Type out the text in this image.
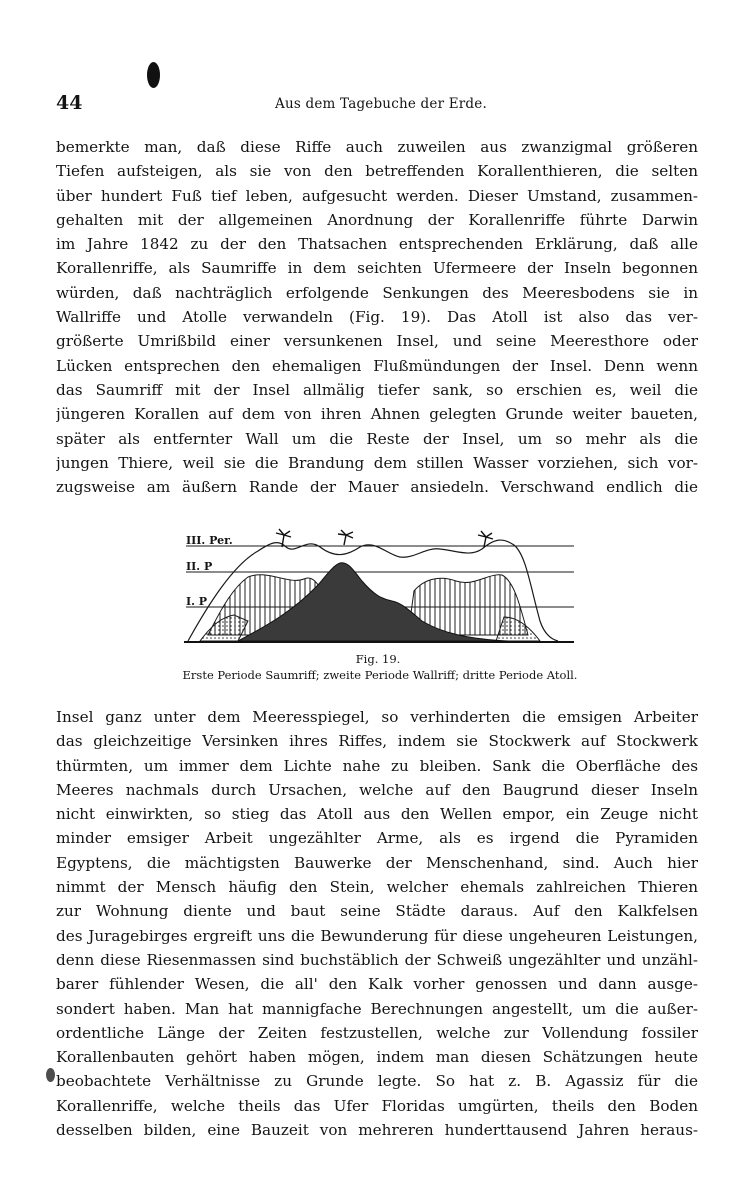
44	Aus dem Tagebuche der Erde.
bemerkte man, daß diese Riffe auch zuweilen aus zwanzigmal größeren
Tiefen aufsteigen, als sie von den betreffenden Korallenthieren, die selten
über hundert Fuß tief leben, aufgesucht werden. Dieser Umstand, zusammen-
gehalten mit der allgemeinen Anordnung der Korallenriffe führte Darwin
im Jahre 1842 zu der den Thatsachen entsprechenden Erklärung, daß alle
Korallenriffe, als Saumriffe in dem seichten Ufermeere der Inseln begonnen
würden, daß nachträglich erfolgende Senkungen des Meeresbodens sie in
Wallriffe und Atolle verwandeln (Fig. 19). Das Atoll ist also das ver-
größerte Umrißbild einer versunkenen Insel, und seine Meeresthore oder
Lücken entsprechen den ehemaligen Flußmündungen der Insel. Denn wenn
das Saumriff mit der Insel allmälig tiefer sank, so erschien es, weil die
jüngeren Korallen auf dem von ihren Ahnen gelegten Grunde weiter baueten,
später als entfernter Wall um die Reste der Insel, um so mehr als die
jungen Thiere, weil sie die Brandung dem stillen Wasser vorziehen, sich vor-
zugsweise am äußern Rande der Mauer ansiedeln. Verschwand endlich die
III. Per.
II. P
I. P
Fig. 19.
Erste Periode Saumriff; zweite Periode Wallriff; dritte Periode Atoll.
Insel ganz unter dem Meeresspiegel, so verhinderten die emsigen Arbeiter
das gleichzeitige Versinken ihres Riffes, indem sie Stockwerk auf Stockwerk
thürmten, um immer dem Lichte nahe zu bleiben. Sank die Oberfläche des
Meeres nachmals durch Ursachen, welche auf den Baugrund dieser Inseln
nicht einwirkten, so stieg das Atoll aus den Wellen empor, ein Zeuge nicht
minder emsiger Arbeit ungezählter Arme, als es irgend die Pyramiden
Egyptens, die mächtigsten Bauwerke der Menschenhand, sind. Auch hier
nimmt der Mensch häufig den Stein, welcher ehemals zahlreichen Thieren
zur Wohnung diente und baut seine Städte daraus. Auf den Kalkfelsen
des Juragebirges ergreift uns die Bewunderung für diese ungeheuren Leistungen,
denn diese Riesenmassen sind buchstäblich der Schweiß ungezählter und unzähl-
barer fühlender Wesen, die all' den Kalk vorher genossen und dann ausge-
sondert haben. Man hat mannigfache Berechnungen angestellt, um die außer-
ordentliche Länge der Zeiten festzustellen, welche zur Vollendung fossiler
Korallenbauten gehört haben mögen, indem man diesen Schätzungen heute
beobachtete Verhältnisse zu Grunde legte. So hat z. B. Agassiz für die
Korallenriffe, welche theils das Ufer Floridas umgürten, theils den Boden
desselben bilden, eine Bauzeit von mehreren hunderttausend Jahren heraus-
